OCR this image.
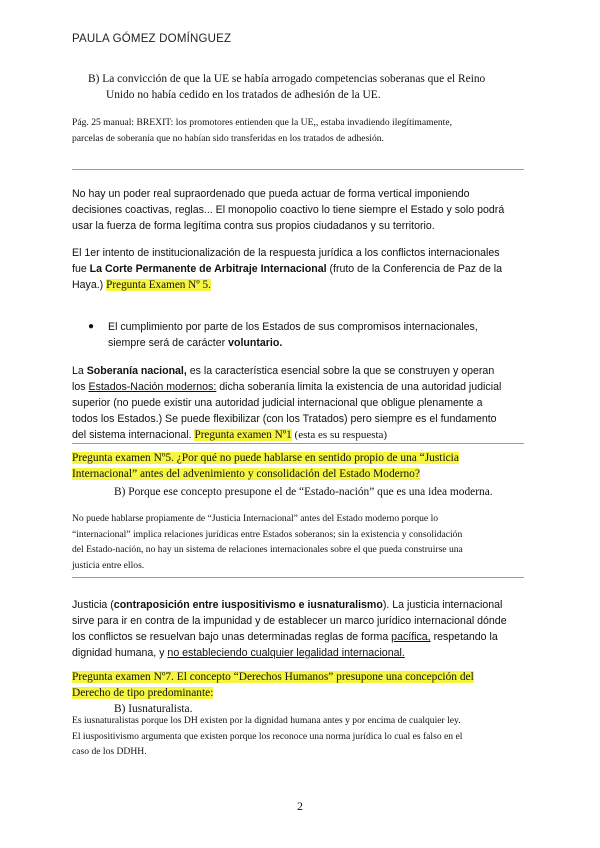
PAULA GÓMEZ DOMÍNGUEZ
B) La convicción de que la UE se había arrogado competencias soberanas que el Reino
Unido no había cedido en los tratados de adhesión de la UE.
Pág. 25 manual: BREXIT: los promotores entienden que la UE,, estaba invadiendo ilegítimamente,
parcelas de soberanía que no habían sido transferidas en los tratados de adhesión.
No hay un poder real supraordenado que pueda actuar de forma vertical imponiendo
decisiones coactivas, reglas... El monopolio coactivo lo tiene siempre el Estado y solo podrá
usar la fuerza de forma legítima contra sus propios ciudadanos y su territorio.
El 1er intento de institucionalización de la respuesta jurídica a los conflictos internacionales
fue La Corte Permanente de Arbitraje Internacional (fruto de la Conferencia de Paz de la
Haya.) Pregunta Examen Nº 5.
● El cumplimiento por parte de los Estados de sus compromisos internacionales,
siempre será de carácter voluntario.
La Soberanía nacional, es la característica esencial sobre la que se construyen y operan
los Estados-Nación modernos: dicha soberanía limita la existencia de una autoridad judicial
superior (no puede existir una autoridad judicial internacional que obligue plenamente a
todos los Estados.) Se puede flexibilizar (con los Tratados) pero siempre es el fundamento
del sistema internacional. Pregunta examen Nº1 (esta es su respuesta)
Pregunta examen Nº5. ¿Por qué no puede hablarse en sentido propio de una “Justicia
Internacional” antes del advenimiento y consolidación del Estado Moderno?
B) Porque ese concepto presupone el de “Estado-nación” que es una idea moderna.
No puede hablarse propiamente de “Justicia Internacional” antes del Estado moderno porque lo
“internacional” implica relaciones jurídicas entre Estados soberanos; sin la existencia y consolidación
del Estado-nación, no hay un sistema de relaciones internacionales sobre el que pueda construirse una
justicia entre ellos.
Justicia (contraposición entre iuspositivismo e iusnaturalismo). La justicia internacional
sirve para ir en contra de la impunidad y de establecer un marco jurídico internacional dónde
los conflictos se resuelvan bajo unas determinadas reglas de forma pacífica, respetando la
dignidad humana, y no estableciendo cualquier legalidad internacional.
Pregunta examen Nº7. El concepto “Derechos Humanos” presupone una concepción del
Derecho de tipo predominante:
B) Iusnaturalista.
Es iusnaturalistas porque los DH existen por la dignidad humana antes y por encima de cualquier ley.
El iuspositivismo argumenta que existen porque los reconoce una norma jurídica lo cual es falso en el
caso de los DDHH.
2
